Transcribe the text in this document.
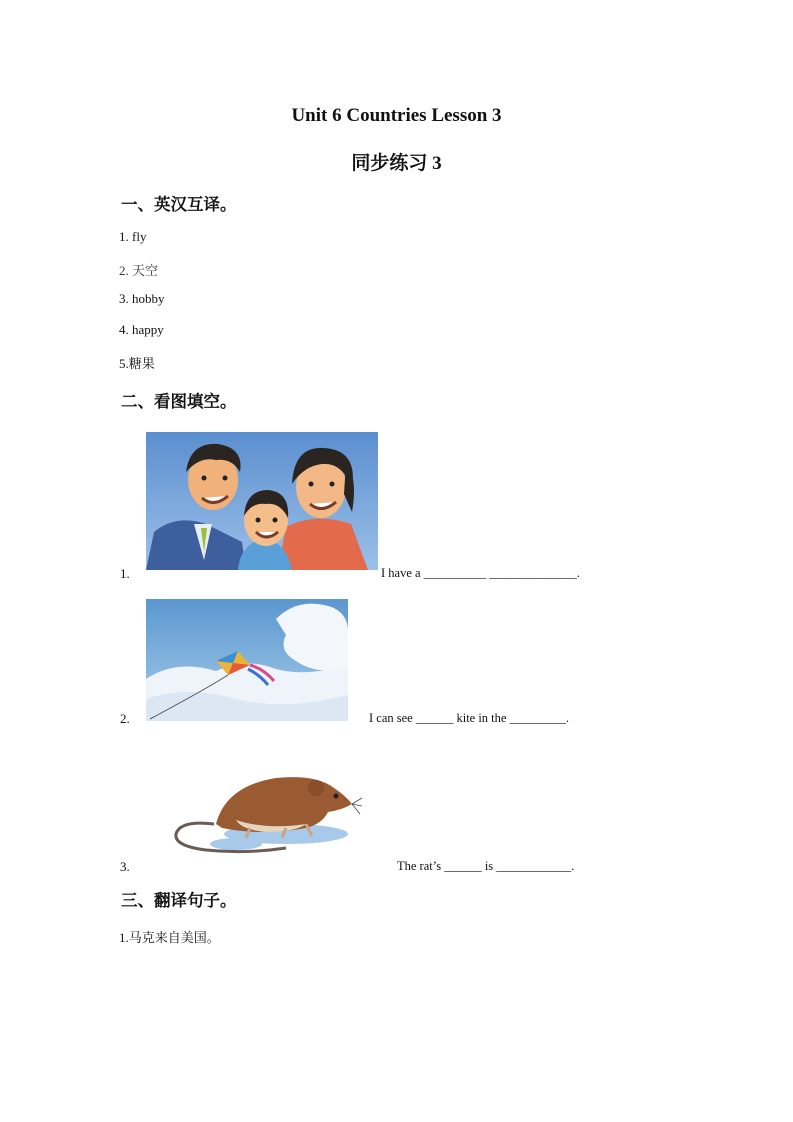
Unit 6 Countries Lesson 3
同步练习 3
一、英汉互译。
1. fly
2. 天空
3. hobby
4. happy
5.糖果
二、看图填空。
1.	I have a __________ ______________.
2.	I can see ______ kite in the _________.
3.	The rat’s ______ is ____________.
三、翻译句子。
1.马克来自美国。
